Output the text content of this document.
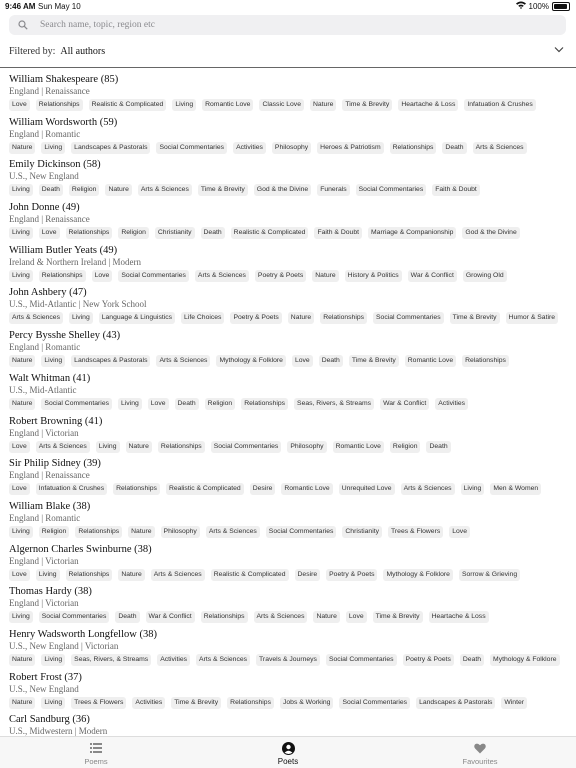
9:46 AM Sun May 10	100%
Search name, topic, region etc
Filtered by: All authors
William Shakespeare (85)
England | Renaissance
Love	Relationships	Realistic & Complicated	Living	Romantic Love	Classic Love	Nature	Time & Brevity	Heartache & Loss	Infatuation & Crushes
William Wordsworth (59)
England | Romantic
Nature	Living	Landscapes & Pastorals	Social Commentaries	Activities	Philosophy	Heroes & Patriotism	Relationships	Death	Arts & Sciences
Emily Dickinson (58)
U.S., New England
Living	Death	Religion	Nature	Arts & Sciences	Time & Brevity	God & the Divine	Funerals	Social Commentaries	Faith & Doubt
John Donne (49)
England | Renaissance
Living	Love	Relationships	Religion	Christianity	Death	Realistic & Complicated	Faith & Doubt	Marriage & Companionship	God & the Divine
William Butler Yeats (49)
Ireland & Northern Ireland | Modern
Living	Relationships	Love	Social Commentaries	Arts & Sciences	Poetry & Poets	Nature	History & Politics	War & Conflict	Growing Old
John Ashbery (47)
U.S., Mid-Atlantic | New York School
Arts & Sciences	Living	Language & Linguistics	Life Choices	Poetry & Poets	Nature	Relationships	Social Commentaries	Time & Brevity	Humor & Satire
Percy Bysshe Shelley (43)
England | Romantic
Nature	Living	Landscapes & Pastorals	Arts & Sciences	Mythology & Folklore	Love	Death	Time & Brevity	Romantic Love	Relationships
Walt Whitman (41)
U.S., Mid-Atlantic
Nature	Social Commentaries	Living	Love	Death	Religion	Relationships	Seas, Rivers, & Streams	War & Conflict	Activities
Robert Browning (41)
England | Victorian
Love	Arts & Sciences	Living	Nature	Relationships	Social Commentaries	Philosophy	Romantic Love	Religion	Death
Sir Philip Sidney (39)
England | Renaissance
Love	Infatuation & Crushes	Relationships	Realistic & Complicated	Desire	Romantic Love	Unrequited Love	Arts & Sciences	Living	Men & Women
William Blake (38)
England | Romantic
Living	Religion	Relationships	Nature	Philosophy	Arts & Sciences	Social Commentaries	Christianity	Trees & Flowers	Love
Algernon Charles Swinburne (38)
England | Victorian
Love	Living	Relationships	Nature	Arts & Sciences	Realistic & Complicated	Desire	Poetry & Poets	Mythology & Folklore	Sorrow & Grieving
Thomas Hardy (38)
England | Victorian
Living	Social Commentaries	Death	War & Conflict	Relationships	Arts & Sciences	Nature	Love	Time & Brevity	Heartache & Loss
Henry Wadsworth Longfellow (38)
U.S., New England | Victorian
Nature	Living	Seas, Rivers, & Streams	Activities	Arts & Sciences	Travels & Journeys	Social Commentaries	Poetry & Poets	Death	Mythology & Folklore
Robert Frost (37)
U.S., New England
Nature	Living	Trees & Flowers	Activities	Time & Brevity	Relationships	Jobs & Working	Social Commentaries	Landscapes & Pastorals	Winter
Carl Sandburg (36)
U.S., Midwestern | Modern
Poems	Poets	Favourites
